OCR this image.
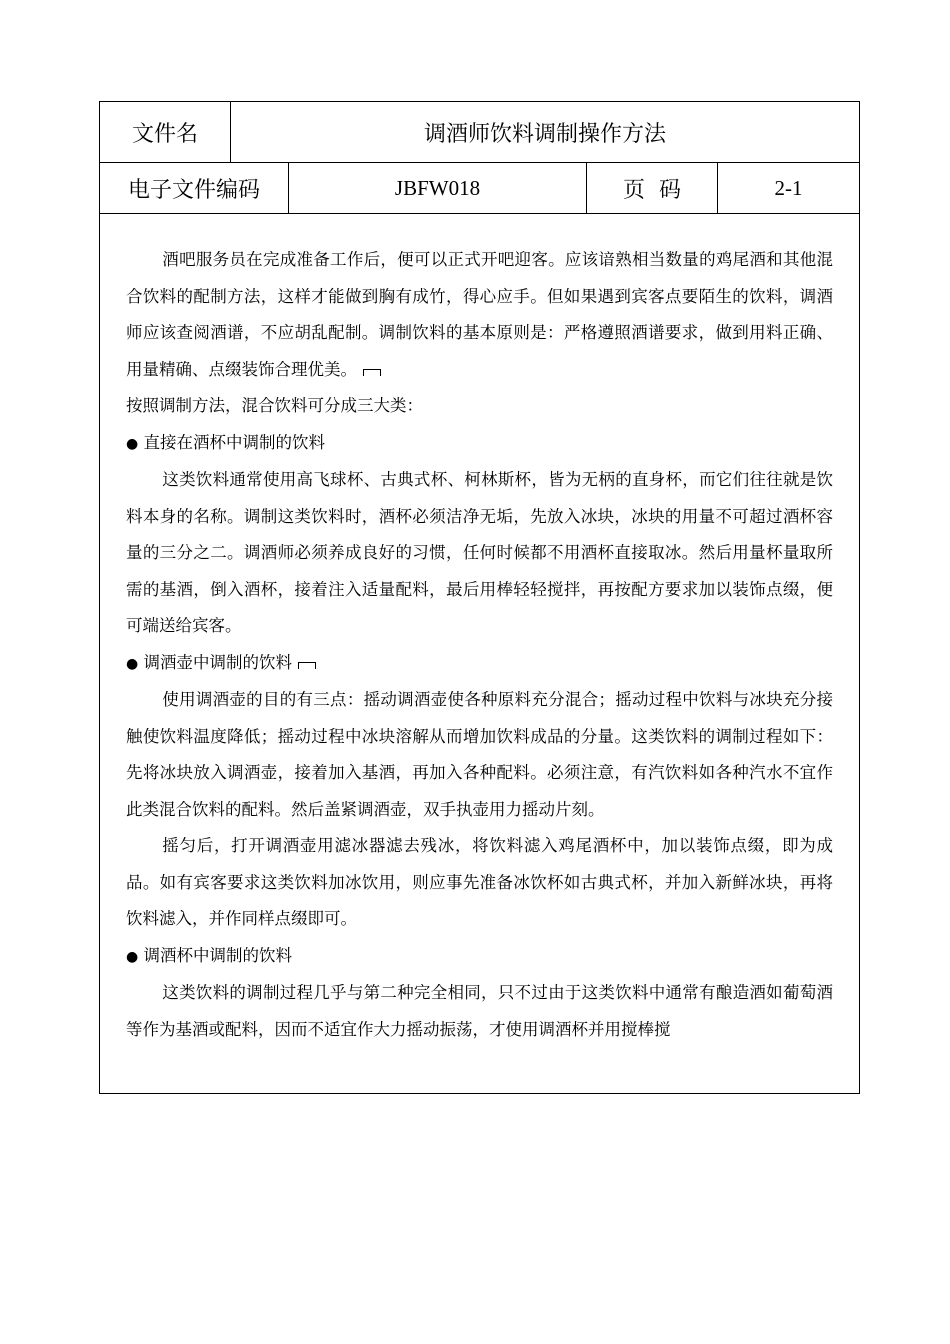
文件名	调酒师饮料调制操作方法
电子文件编码	JBFW018	页  码	2-1

酒吧服务员在完成准备工作后，便可以正式开吧迎客。应该谙熟相当数量的鸡尾酒和其他混合饮料的配制方法，这样才能做到胸有成竹，得心应手。但如果遇到宾客点要陌生的饮料，调酒师应该查阅酒谱，不应胡乱配制。调制饮料的基本原则是：严格遵照酒谱要求，做到用料正确、用量精确、点缀装饰合理优美。

按照调制方法，混合饮料可分成三大类：

● 直接在酒杯中调制的饮料

这类饮料通常使用高飞球杯、古典式杯、柯林斯杯，皆为无柄的直身杯，而它们往往就是饮料本身的名称。调制这类饮料时，酒杯必须洁净无垢，先放入冰块，冰块的用量不可超过酒杯容量的三分之二。调酒师必须养成良好的习惯，任何时候都不用酒杯直接取冰。然后用量杯量取所需的基酒，倒入酒杯，接着注入适量配料，最后用棒轻轻搅拌，再按配方要求加以装饰点缀，便可端送给宾客。

● 调酒壶中调制的饮料

使用调酒壶的目的有三点：摇动调酒壶使各种原料充分混合；摇动过程中饮料与冰块充分接触使饮料温度降低；摇动过程中冰块溶解从而增加饮料成品的分量。这类饮料的调制过程如下：先将冰块放入调酒壶，接着加入基酒，再加入各种配料。必须注意，有汽饮料如各种汽水不宜作此类混合饮料的配料。然后盖紧调酒壶，双手执壶用力摇动片刻。

摇匀后，打开调酒壶用滤冰器滤去残冰，将饮料滤入鸡尾酒杯中，加以装饰点缀，即为成品。如有宾客要求这类饮料加冰饮用，则应事先准备冰饮杯如古典式杯，并加入新鲜冰块，再将饮料滤入，并作同样点缀即可。

● 调酒杯中调制的饮料

这类饮料的调制过程几乎与第二种完全相同，只不过由于这类饮料中通常有酿造酒如葡萄酒等作为基酒或配料，因而不适宜作大力摇动振荡，才使用调酒杯并用搅棒搅
